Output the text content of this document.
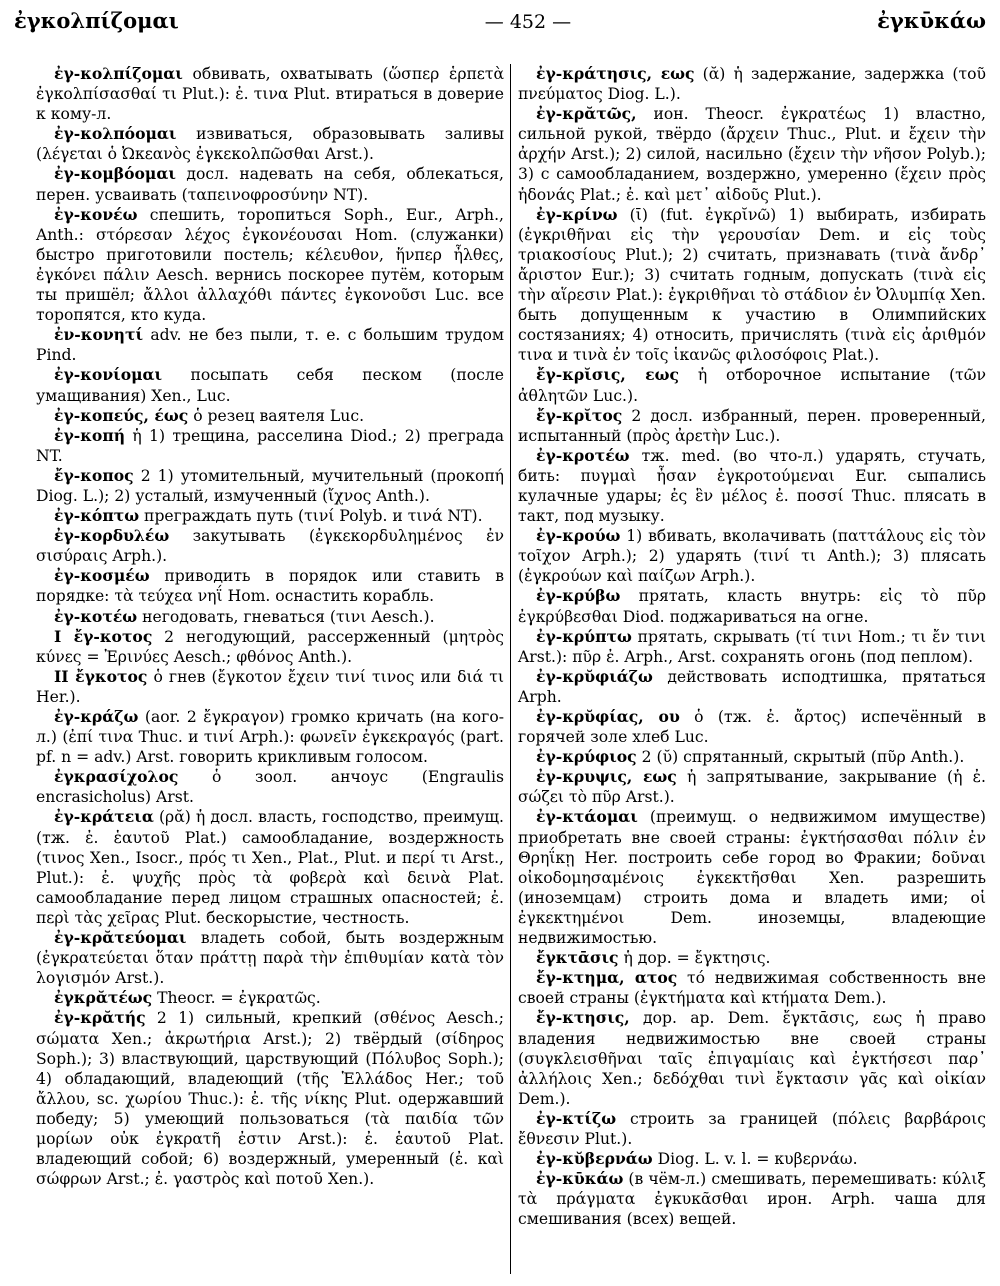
ἐγκολπίζομαι	— 452 —	ἐγκῡκάω

ἐγ-κολπίζομαι обвивать, охватывать (ὥσπερ ἑρπετὰ ἐγκολπίσασθαί τι Plut.): ἐ. τινα Plut. втираться в доверие к кому-л.

ἐγ-κολπόομαι извиваться, образовывать заливы (λέγεται ὁ Ὠκεανὸς ἐγκεκολπῶσθαι Arst.).

ἐγ-κομβόομαι досл. надевать на себя, облекаться, перен. усваивать (ταπεινοφροσύνην NT).

ἐγ-κονέω спешить, торопиться Soph., Eur., Arph., Anth.: στόρεσαν λέχος ἐγκονέουσαι Hom. (служанки) быстро приготовили постель; κέλευθον, ἥνπερ ἦλθες, ἐγκόνει πάλιν Aesch. вернись поскорее путём, которым ты пришёл; ἄλλοι ἀλλαχόθι πάντες ἐγκονοῦσι Luc. все торопятся, кто куда.

ἐν-κονητί adv. не без пыли, т. е. с большим трудом Pind.

ἐγ-κονίομαι посыпать себя песком (после умащивания) Xen., Luc.

ἐγ-κοπεύς, έως ὁ резец ваятеля Luc.

ἐγ-κοπή ἡ 1) трещина, расселина Diod.; 2) преграда NT.

ἔγ-κοπος 2 1) утомительный, мучительный (προκοπή Diog. L.); 2) усталый, измученный (ἴχνος Anth.).

ἐγ-κόπτω преграждать путь (τινί Polyb. и τινά NT).

ἐγ-κορδυλέω закутывать (ἐγκεκορδυλημένος ἐν σισύραις Arph.).

ἐγ-κοσμέω приводить в порядок или ставить в порядке: τὰ τεύχεα νηΐ Hom. оснастить корабль.

ἐγ-κοτέω негодовать, гневаться (τινι Aesch.).

I ἔγ-κοτος 2 негодующий, рассерженный (μητρὸς κύνες = Ἐρινύες Aesch.; φθόνος Anth.).

II ἔγκοτος ὁ гнев (ἔγκοτον ἔχειν τινί τινος или διά τι Her.).

ἐγ-κράζω (aor. 2 ἔγκραγον) громко кричать (на кого-л.) (ἐπί τινα Thuc. и τινί Arph.): φωνεῖν ἐγκεκραγός (part. pf. n = adv.) Arst. говорить крикливым голосом.

ἐγκρασίχολος ὁ зоол. анчоус (Engraulis encrasicholus) Arst.

ἐγ-κράτεια (ρᾰ) ἡ досл. власть, господство, преимущ. (тж. ἐ. ἑαυτοῦ Plat.) самообладание, воздержность (τινος Xen., Isocr., πρός τι Xen., Plat., Plut. и περί τι Arst., Plut.): ἐ. ψυχῆς πρὸς τὰ φοβερὰ καὶ δεινὰ Plat. самообладание перед лицом страшных опасностей; ἐ. περὶ τὰς χεῖρας Plut. бескорыстие, честность.

ἐγ-κρᾰτεύομαι владеть собой, быть воздержным (ἐγκρατεύεται ὅταν πράττῃ παρὰ τὴν ἐπιθυμίαν κατὰ τὸν λογισμόν Arst.).

ἐγκρᾰτέως Theocr. = ἐγκρατῶς.

ἐγ-κρᾰτής 2 1) сильный, крепкий (σθένος Aesch.; σώματα Xen.; ἀκρωτήρια Arst.); 2) твёрдый (σίδηρος Soph.); 3) властвующий, царствующий (Πόλυβος Soph.); 4) обладающий, владеющий (τῆς Ἑλλάδος Her.; τοῦ ἄλλου, sc. χωρίου Thuc.): ἐ. τῆς νίκης Plut. одержавший победу; 5) умеющий пользоваться (τὰ παιδία τῶν μορίων οὐκ ἐγκρατῆ ἐστιν Arst.): ἐ. ἑαυτοῦ Plat. владеющий собой; 6) воздержный, умеренный (ἐ. καὶ σώφρων Arst.; ἐ. γαστρὸς καὶ ποτοῦ Xen.).

ἐγ-κράτησις, εως (ᾰ) ἡ задержание, задержка (τοῦ πνεύματος Diog. L.).

ἐγ-κρᾰτῶς, ион. Theocr. ἐγκρατέως 1) властно, сильной рукой, твёрдо (ἄρχειν Thuc., Plut. и ἔχειν τὴν ἀρχήν Arst.); 2) силой, насильно (ἔχειν τὴν νῆσον Polyb.); 3) с самообладанием, воздержно, умеренно (ἔχειν πρὸς ἡδονάς Plat.; ἐ. καὶ μετ᾽ αἰδοῦς Plut.).

ἐγ-κρίνω (ῑ) (fut. ἐγκρῐνῶ) 1) выбирать, избирать (ἐγκριθῆναι εἰς τὴν γερουσίαν Dem. и εἰς τοὺς τριακοσίους Plut.); 2) считать, признавать (τινὰ ἄνδρ᾽ ἄριστον Eur.); 3) считать годным, допускать (τινὰ εἰς τὴν αἵρεσιν Plat.): ἐγκριθῆναι τὸ στάδιον ἐν Ὀλυμπίᾳ Xen. быть допущенным к участию в Олимпийских состязаниях; 4) относить, причислять (τινὰ εἰς ἀριθμόν τινα и τινὰ ἐν τοῖς ἱκανῶς φιλοσόφοις Plat.).

ἔγ-κρῐσις, εως ἡ отборочное испытание (τῶν ἀθλητῶν Luc.).

ἔγ-κρῐτος 2 досл. избранный, перен. проверенный, испытанный (πρὸς ἀρετὴν Luc.).

ἐγ-κροτέω тж. med. (во что-л.) ударять, стучать, бить: πυγμαὶ ἦσαν ἐγκροτούμεναι Eur. сыпались кулачные удары; ἐς ἓν μέλος ἐ. ποσσί Thuc. плясать в такт, под музыку.

ἐγ-κρούω 1) вбивать, вколачивать (παττάλους εἰς τὸν τοῖχον Arph.); 2) ударять (τινί τι Anth.); 3) плясать (ἐγκρούων καὶ παίζων Arph.).

ἐγ-κρύβω прятать, класть внутрь: εἰς τὸ πῦρ ἐγκρύβεσθαι Diod. поджариваться на огне.

ἐγ-κρύπτω прятать, скрывать (τί τινι Hom.; τι ἔν τινι Arst.): πῦρ ἐ. Arph., Arst. сохранять огонь (под пеплом).

ἐγ-κρῠφιάζω действовать исподтишка, прятаться Arph.

ἐγ-κρῠφίας, ου ὁ (тж. ἐ. ἄρτος) испечённый в горячей золе хлеб Luc.

ἐγ-κρύφιος 2 (ῠ) спрятанный, скрытый (πῦρ Anth.).

ἐγ-κρυψις, εως ἡ запрятывание, закрывание (ἡ ἐ. σώζει τὸ πῦρ Arst.).

ἐγ-κτάομαι (преимущ. о недвижимом имуществе) приобретать вне своей страны: ἐγκτήσασθαι πόλιν ἐν Θρηΐκῃ Her. построить себе город во Фракии; δοῦναι οἰκοδομησαμένοις ἐγκεκτῆσθαι Xen. разрешить (иноземцам) строить дома и владеть ими; οἱ ἐγκεκτημένοι Dem. иноземцы, владеющие недвижимостью.

ἔγκτᾱσις ἡ дор. = ἔγκτησις.

ἔγ-κτημα, ατος τό недвижимая собственность вне своей страны (ἐγκτήματα καὶ κτήματα Dem.).

ἔγ-κτησις, дор. ap. Dem. ἔγκτᾱσις, εως ἡ право владения недвижимостью вне своей страны (συγκλεισθῆναι ταῖς ἐπιγαμίαις καὶ ἐγκτήσεσι παρ᾽ ἀλλήλοις Xen.; δεδόχθαι τινὶ ἔγκτασιν γᾶς καὶ οἰκίαν Dem.).

ἐγ-κτίζω строить за границей (πόλεις βαρβάροις ἔθνεσιν Plut.).

ἐγ-κῠβερνάω Diog. L. v. l. = κυβερνάω.

ἐγ-κῡκάω (в чём-л.) смешивать, перемешивать: κύλιξ τὰ πράγματα ἐγκυκᾶσθαι ирон. Arph. чаша для смешивания (всех) вещей.
